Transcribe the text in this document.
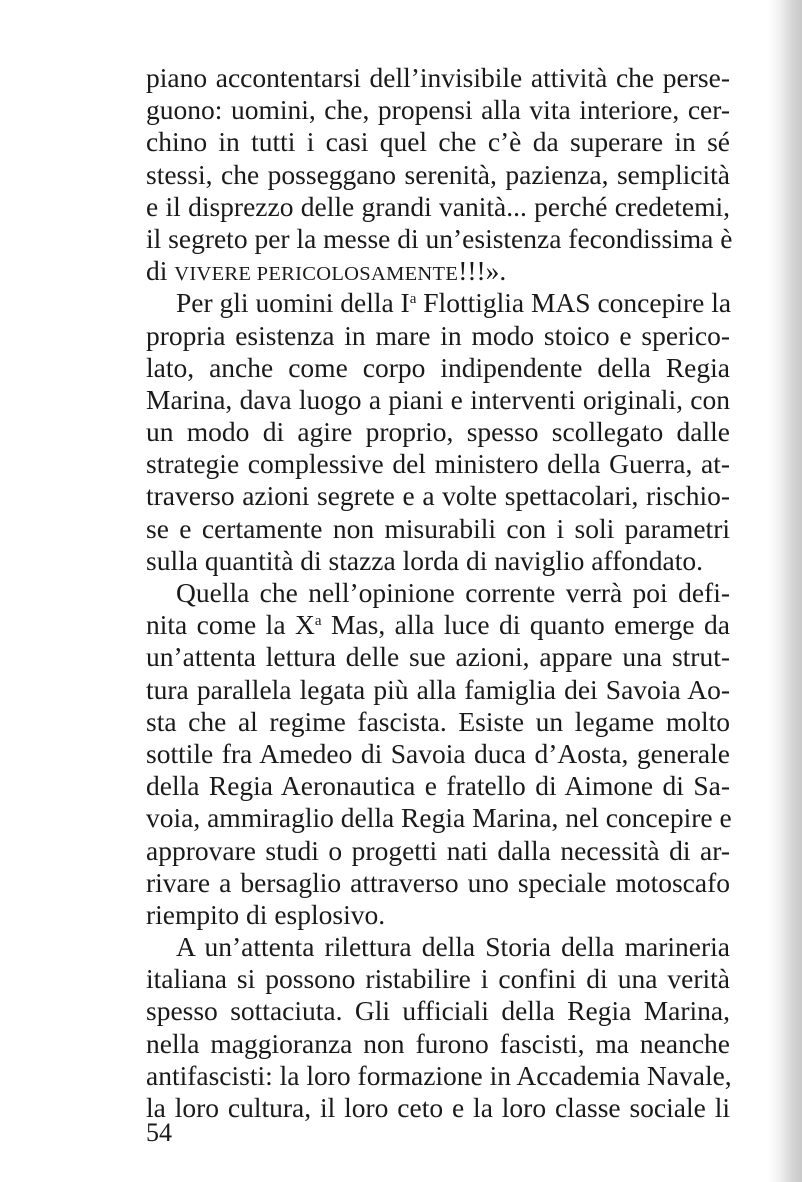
piano accontentarsi dell’invisibile attività che perse-
guono: uomini, che, propensi alla vita interiore, cer-
chino in tutti i casi quel che c’è da superare in sé
stessi, che posseggano serenità, pazienza, semplicità
e il disprezzo delle grandi vanità... perché credetemi,
il segreto per la messe di un’esistenza fecondissima è
di VIVERE PERICOLOSAMENTE!!!».
Per gli uomini della $I^a$ Flottiglia MAS concepire la
propria esistenza in mare in modo stoico e sperico-
lato, anche come corpo indipendente della Regia
Marina, dava luogo a piani e interventi originali, con
un modo di agire proprio, spesso scollegato dalle
strategie complessive del ministero della Guerra, at-
traverso azioni segrete e a volte spettacolari, rischio-
se e certamente non misurabili con i soli parametri
sulla quantità di stazza lorda di naviglio affondato.
Quella che nell’opinione corrente verrà poi defi-
nita come la $X^a$ Mas, alla luce di quanto emerge da
un’attenta lettura delle sue azioni, appare una strut-
tura parallela legata più alla famiglia dei Savoia Ao-
sta che al regime fascista. Esiste un legame molto
sottile fra Amedeo di Savoia duca d’Aosta, generale
della Regia Aeronautica e fratello di Aimone di Sa-
voia, ammiraglio della Regia Marina, nel concepire e
approvare studi o progetti nati dalla necessità di ar-
rivare a bersaglio attraverso uno speciale motoscafo
riempito di esplosivo.
A un’attenta rilettura della Storia della marineria
italiana si possono ristabilire i confini di una verità
spesso sottaciuta. Gli ufficiali della Regia Marina,
nella maggioranza non furono fascisti, ma neanche
antifascisti: la loro formazione in Accademia Navale,
la loro cultura, il loro ceto e la loro classe sociale li
54
